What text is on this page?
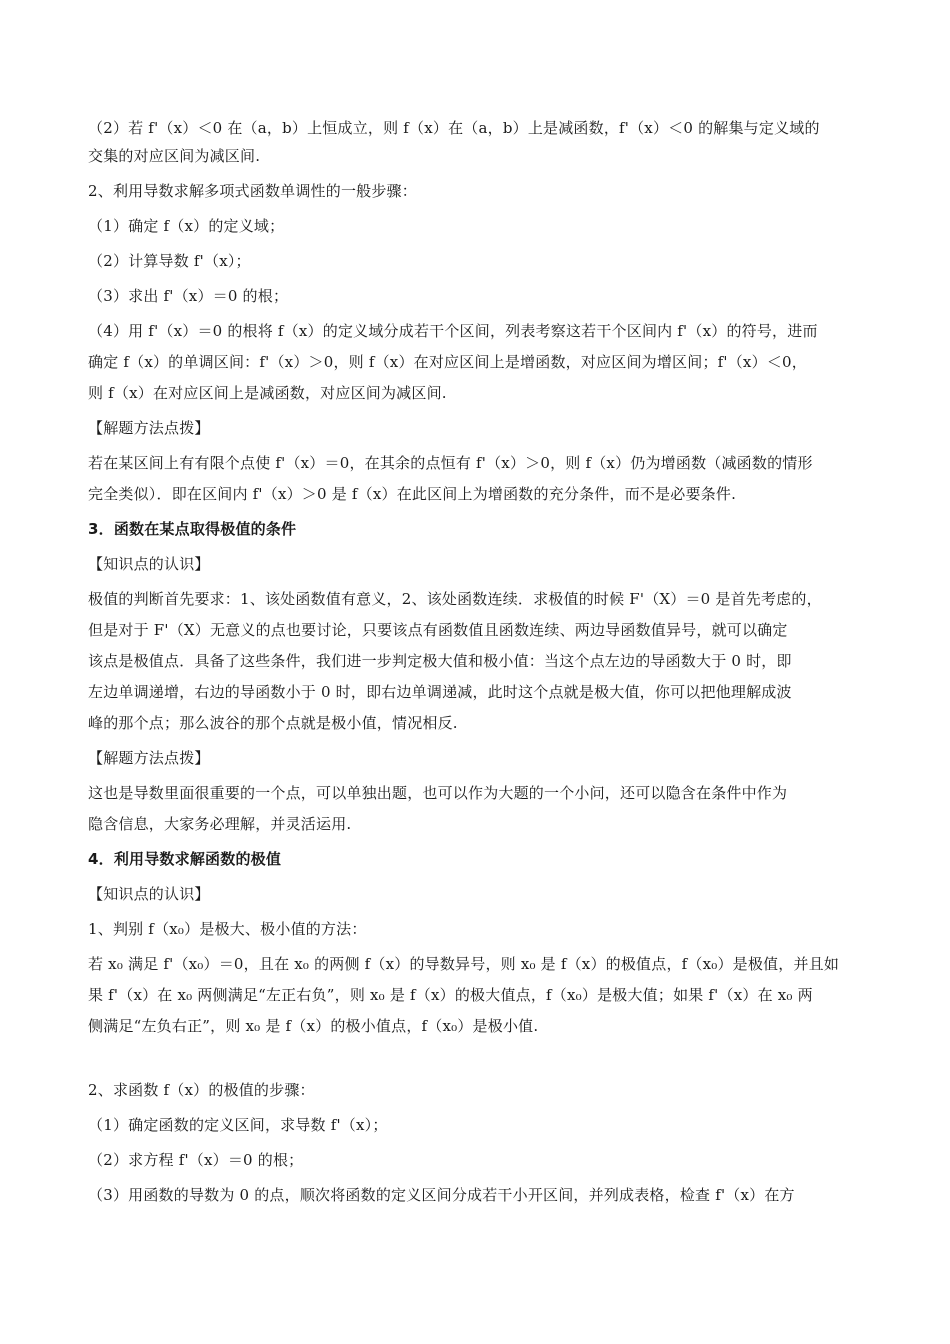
（2）若 f'（x）＜0 在（a，b）上恒成立，则 f（x）在（a，b）上是减函数，f'（x）＜0 的解集与定义域的
交集的对应区间为减区间.
2、利用导数求解多项式函数单调性的一般步骤：
（1）确定 f（x）的定义域；
（2）计算导数 f'（x）；
（3）求出 f'（x）＝0 的根；
（4）用 f'（x）＝0 的根将 f（x）的定义域分成若干个区间，列表考察这若干个区间内 f'（x）的符号，进而
确定 f（x）的单调区间：f'（x）＞0，则 f（x）在对应区间上是增函数，对应区间为增区间；f'（x）＜0，
则 f（x）在对应区间上是减函数，对应区间为减区间.
【解题方法点拨】
若在某区间上有有限个点使 f'（x）＝0，在其余的点恒有 f'（x）＞0，则 f（x）仍为增函数（减函数的情形
完全类似）．即在区间内 f'（x）＞0 是 f（x）在此区间上为增函数的充分条件，而不是必要条件.
3．函数在某点取得极值的条件
【知识点的认识】
极值的判断首先要求：1、该处函数值有意义，2、该处函数连续．求极值的时候 F'（X）＝0 是首先考虑的，
但是对于 F'（X）无意义的点也要讨论，只要该点有函数值且函数连续、两边导函数值异号，就可以确定
该点是极值点．具备了这些条件，我们进一步判定极大值和极小值：当这个点左边的导函数大于 0 时，即
左边单调递增，右边的导函数小于 0 时，即右边单调递减，此时这个点就是极大值，你可以把他理解成波
峰的那个点；那么波谷的那个点就是极小值，情况相反.
【解题方法点拨】
这也是导数里面很重要的一个点，可以单独出题，也可以作为大题的一个小问，还可以隐含在条件中作为
隐含信息，大家务必理解，并灵活运用.
4．利用导数求解函数的极值
【知识点的认识】
1、判别 f（x₀）是极大、极小值的方法：
若 x₀ 满足 f'（x₀）＝0，且在 x₀ 的两侧 f（x）的导数异号，则 x₀ 是 f（x）的极值点，f（x₀）是极值，并且如
果 f'（x）在 x₀ 两侧满足“左正右负”，则 x₀ 是 f（x）的极大值点，f（x₀）是极大值；如果 f'（x）在 x₀ 两
侧满足“左负右正”，则 x₀ 是 f（x）的极小值点，f（x₀）是极小值.
2、求函数 f（x）的极值的步骤：
（1）确定函数的定义区间，求导数 f'（x）；
（2）求方程 f'（x）＝0 的根；
（3）用函数的导数为 0 的点，顺次将函数的定义区间分成若干小开区间，并列成表格，检查 f'（x）在方
